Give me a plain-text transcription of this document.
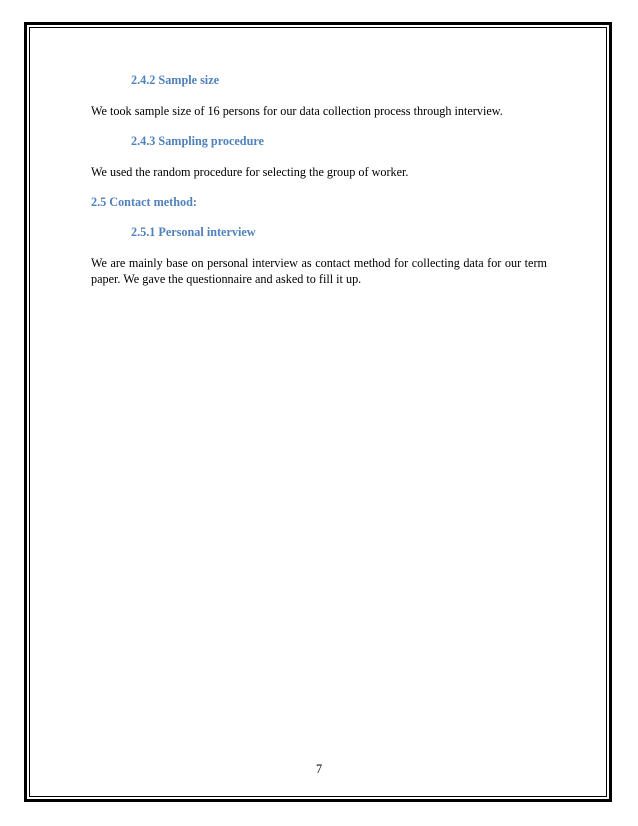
2.4.2 Sample size
We took sample size of 16 persons for our data collection process through interview.
2.4.3 Sampling procedure
We used the random procedure for selecting the group of worker.
2.5 Contact method:
2.5.1 Personal interview
We are mainly base on personal interview as contact method for collecting data for our term paper. We gave the questionnaire and asked to fill it up.
7
